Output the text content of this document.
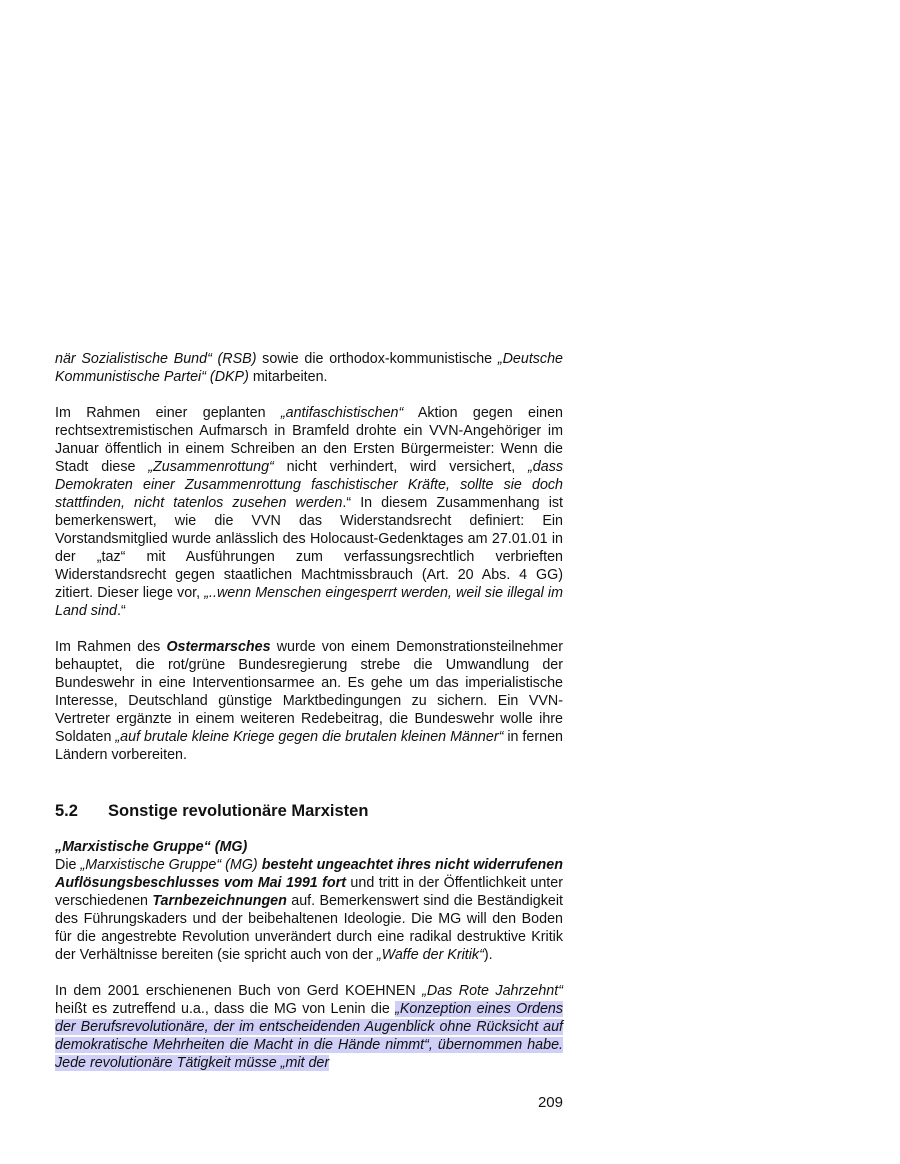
när Sozialistische Bund“ (RSB) sowie die orthodox-kommunistische „Deutsche Kommunistische Partei“ (DKP) mitarbeiten.

Im Rahmen einer geplanten „antifaschistischen“ Aktion gegen einen rechtsextremistischen Aufmarsch in Bramfeld drohte ein VVN-Angehöriger im Januar öffentlich in einem Schreiben an den Ersten Bürgermeister: Wenn die Stadt diese „Zusammenrottung“ nicht verhindert, wird versichert, „dass Demokraten einer Zusammenrottung faschistischer Kräfte, sollte sie doch stattfinden, nicht tatenlos zusehen werden.“ In diesem Zusammenhang ist bemerkenswert, wie die VVN das Widerstandsrecht definiert: Ein Vorstandsmitglied wurde anlässlich des Holocaust-Gedenktages am 27.01.01 in der „taz“ mit Ausführungen zum verfassungsrechtlich verbrieften Widerstandsrecht gegen staatlichen Machtmissbrauch (Art. 20 Abs. 4 GG) zitiert. Dieser liege vor, „..wenn Menschen eingesperrt werden, weil sie illegal im Land sind.“

Im Rahmen des Ostermarsches wurde von einem Demonstrationsteilnehmer behauptet, die rot/grüne Bundesregierung strebe die Umwandlung der Bundeswehr in eine Interventionsarmee an. Es gehe um das imperialistische Interesse, Deutschland günstige Marktbedingungen zu sichern. Ein VVN-Vertreter ergänzte in einem weiteren Redebeitrag, die Bundeswehr wolle ihre Soldaten „auf brutale kleine Kriege gegen die brutalen kleinen Männer“ in fernen Ländern vorbereiten.

5.2	Sonstige revolutionäre Marxisten

„Marxistische Gruppe“ (MG)

Die „Marxistische Gruppe“ (MG) besteht ungeachtet ihres nicht widerrufenen Auflösungsbeschlusses vom Mai 1991 fort und tritt in der Öffentlichkeit unter verschiedenen Tarnbezeichnungen auf. Bemerkenswert sind die Beständigkeit des Führungskaders und der beibehaltenen Ideologie. Die MG will den Boden für die angestrebte Revolution unverändert durch eine radikal destruktive Kritik der Verhältnisse bereiten (sie spricht auch von der „Waffe der Kritik“).

In dem 2001 erschienenen Buch von Gerd KOEHNEN „Das Rote Jahrzehnt“ heißt es zutreffend u.a., dass die MG von Lenin die „Konzeption eines Ordens der Berufsrevolutionäre, der im entscheidenden Augenblick ohne Rücksicht auf demokratische Mehrheiten die Macht in die Hände nimmt“, übernommen habe. Jede revolutionäre Tätigkeit müsse „mit der

209
